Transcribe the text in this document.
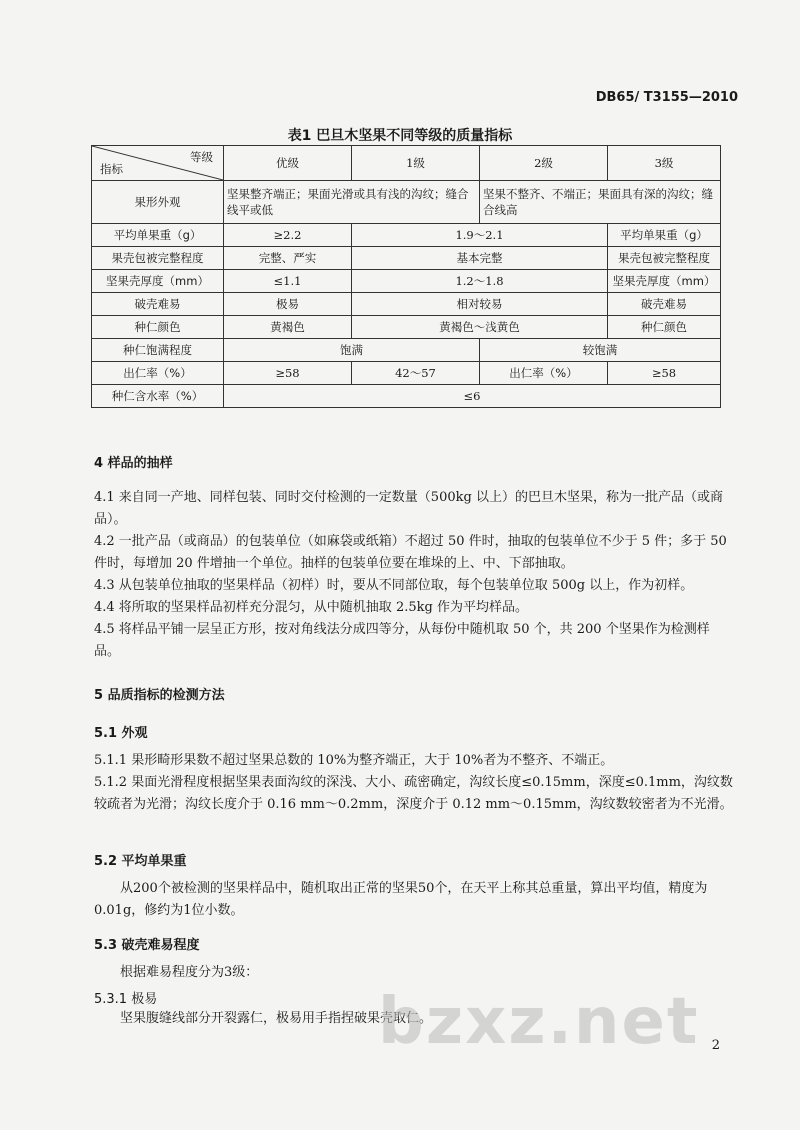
DB65/ T3155—2010
表1 巴旦木坚果不同等级的质量指标
等级
指标	优级	1级	2级	3级
果形外观	坚果整齐端正；果面光滑或具有浅的沟纹；缝合线平或低		坚果不整齐、不端正；果面具有深的沟纹；缝合线高	
平均单果重（g）	≥2.2	1.9～2.1		平均单果重（g）
果壳包被完整程度	完整、严实	基本完整		果壳包被完整程度
坚果壳厚度（mm）	≤1.1	1.2～1.8		坚果壳厚度（mm）
破壳难易	极易	相对较易		破壳难易
种仁颜色	黄褐色	黄褐色～浅黄色		种仁颜色
种仁饱满程度	饱满		较饱满	
出仁率（%）	≥58	42～57	出仁率（%）	≥58
种仁含水率（%）	≤6			
4 样品的抽样
4.1 来自同一产地、同样包装、同时交付检测的一定数量（500kg 以上）的巴旦木坚果，称为一批产品（或商品）。
4.2 一批产品（或商品）的包装单位（如麻袋或纸箱）不超过 50 件时，抽取的包装单位不少于 5 件；多于 50 件时，每增加 20 件增抽一个单位。抽样的包装单位要在堆垛的上、中、下部抽取。
4.3 从包装单位抽取的坚果样品（初样）时，要从不同部位取，每个包装单位取 500g 以上，作为初样。
4.4 将所取的坚果样品初样充分混匀，从中随机抽取 2.5kg 作为平均样品。
4.5 将样品平铺一层呈正方形，按对角线法分成四等分，从每份中随机取 50 个，共 200 个坚果作为检测样品。
5 品质指标的检测方法
5.1 外观
5.1.1 果形畸形果数不超过坚果总数的 10%为整齐端正，大于 10%者为不整齐、不端正。
5.1.2 果面光滑程度根据坚果表面沟纹的深浅、大小、疏密确定，沟纹长度≤0.15mm，深度≤0.1mm，沟纹数较疏者为光滑；沟纹长度介于 0.16 mm～0.2mm，深度介于 0.12 mm～0.15mm，沟纹数较密者为不光滑。
5.2 平均单果重
从200个被检测的坚果样品中，随机取出正常的坚果50个，在天平上称其总重量，算出平均值，精度为0.01g，修约为1位小数。
5.3 破壳难易程度
根据难易程度分为3级：
5.3.1 极易
坚果腹缝线部分开裂露仁，极易用手指捏破果壳取仁。
bzxz.net 2
